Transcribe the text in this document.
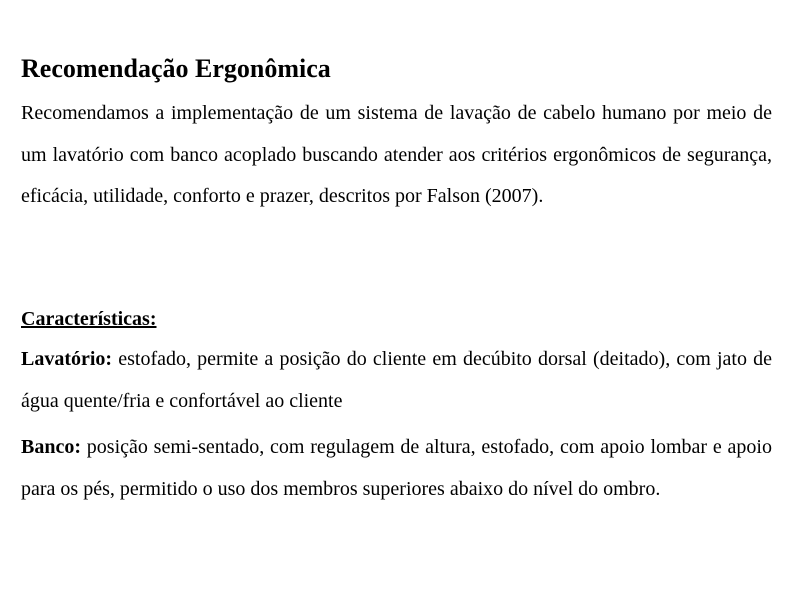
Recomendação Ergonômica

Recomendamos a implementação de um sistema de lavação de cabelo humano por meio de um lavatório com banco acoplado buscando atender aos critérios ergonômicos de segurança, eficácia, utilidade, conforto e prazer, descritos por Falson (2007).

Características:

Lavatório: estofado, permite a posição do cliente em decúbito dorsal (deitado), com jato de água quente/fria e confortável ao cliente

Banco: posição semi-sentado, com regulagem de altura, estofado, com apoio lombar e apoio para os pés, permitido o uso dos membros superiores abaixo do nível do ombro.
